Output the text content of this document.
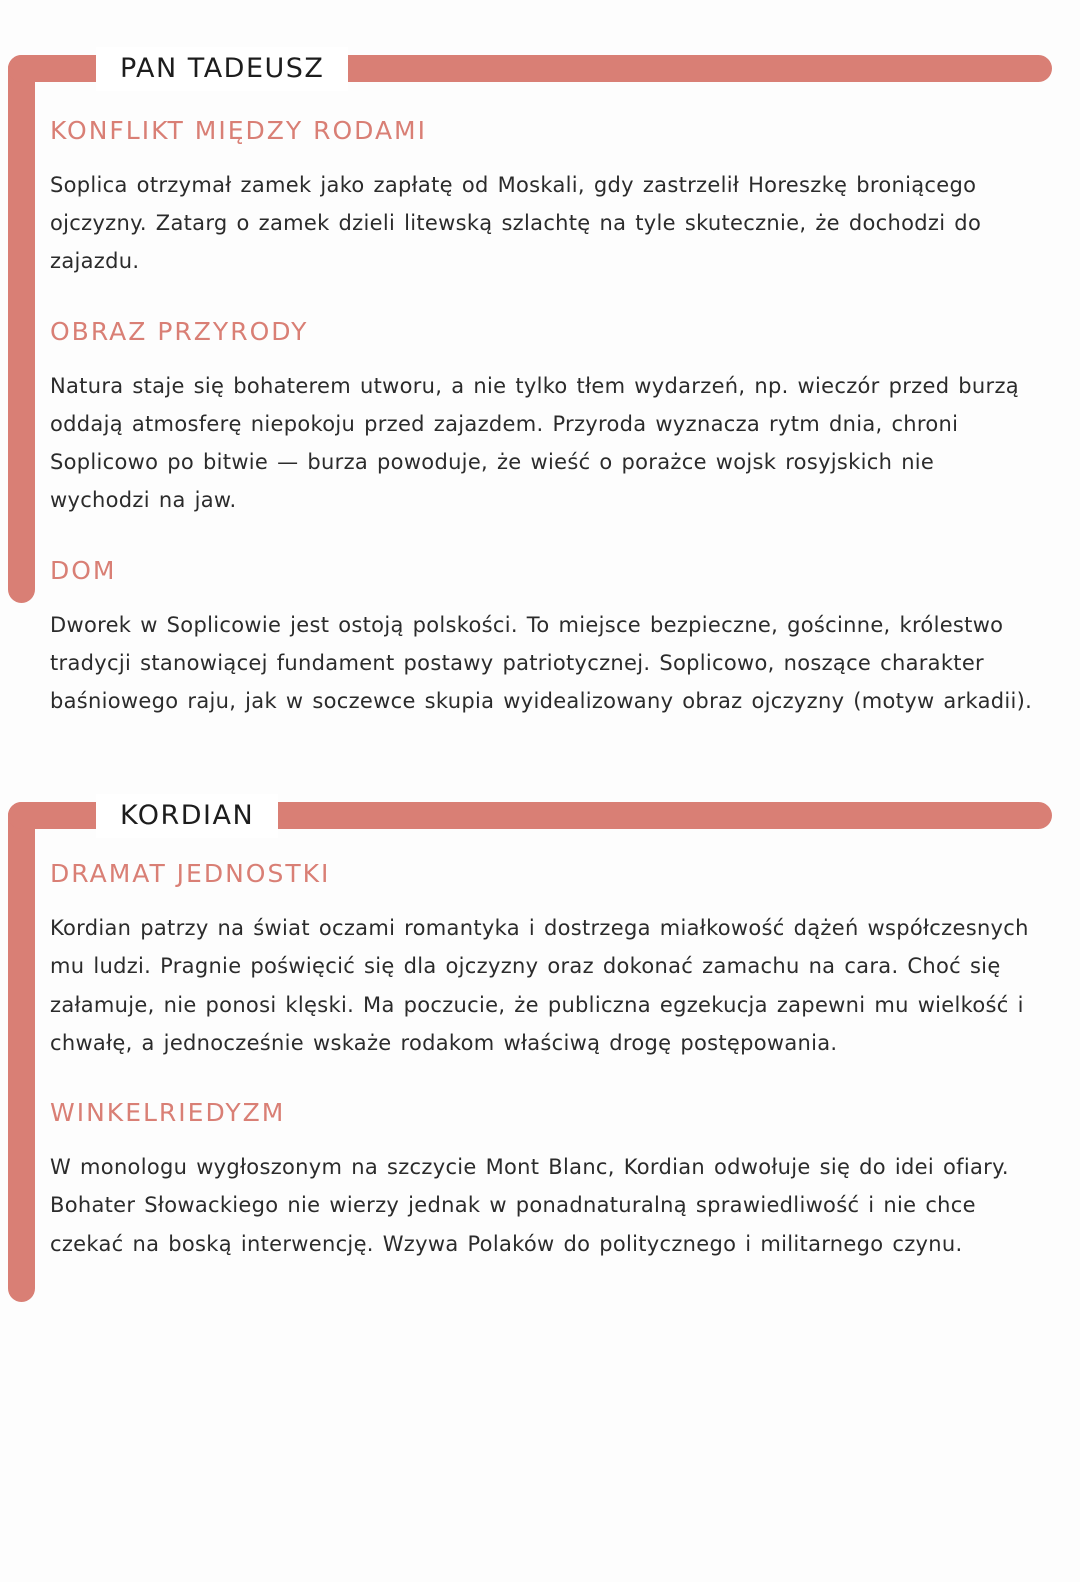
PAN TADEUSZ
KONFLIKT MIĘDZY RODAMI

Soplica otrzymał zamek jako zapłatę od Moskali, gdy zastrzelił Horeszkę broniącego ojczyzny. Zatarg o zamek dzieli litewską szlachtę na tyle skutecznie, że dochodzi do zajazdu.

OBRAZ PRZYRODY

Natura staje się bohaterem utworu, a nie tylko tłem wydarzeń, np. wieczór przed burzą oddają atmosferę niepokoju przed zajazdem. Przyroda wyznacza rytm dnia, chroni Soplicowo po bitwie — burza powoduje, że wieść o porażce wojsk rosyjskich nie wychodzi na jaw.

DOM

Dworek w Soplicowie jest ostoją polskości. To miejsce bezpieczne, gościnne, królestwo tradycji stanowiącej fundament postawy patriotycznej. Soplicowo, noszące charakter baśniowego raju, jak w soczewce skupia wyidealizowany obraz ojczyzny (motyw arkadii).

KORDIAN
DRAMAT JEDNOSTKI

Kordian patrzy na świat oczami romantyka i dostrzega miałkowość dążeń współczesnych mu ludzi. Pragnie poświęcić się dla ojczyzny oraz dokonać zamachu na cara. Choć się załamuje, nie ponosi klęski. Ma poczucie, że publiczna egzekucja zapewni mu wielkość i chwałę, a jednocześnie wskaże rodakom właściwą drogę postępowania.

WINKELRIEDYZM

W monologu wygłoszonym na szczycie Mont Blanc, Kordian odwołuje się do idei ofiary. Bohater Słowackiego nie wierzy jednak w ponadnaturalną sprawiedliwość i nie chce czekać na boską interwencję. Wzywa Polaków do politycznego i militarnego czynu.
